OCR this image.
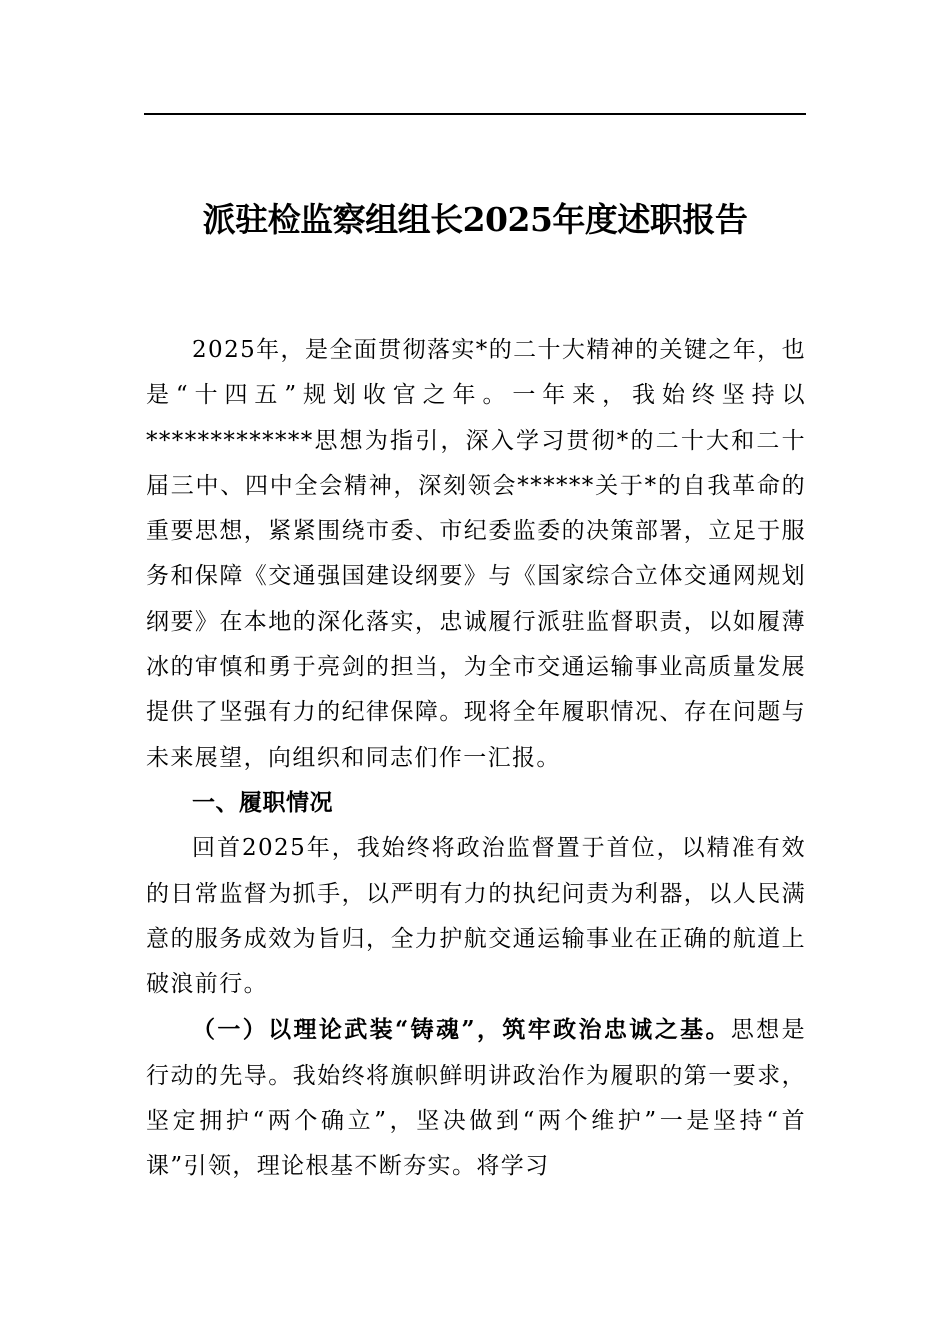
派驻检监察组组长2025年度述职报告

2025年，是全面贯彻落实*的二十大精神的关键之年，也是“十四五”规划收官之年。一年来，我始终坚持以*************思想为指引，深入学习贯彻*的二十大和二十届三中、四中全会精神，深刻领会******关于*的自我革命的重要思想，紧紧围绕市委、市纪委监委的决策部署，立足于服务和保障《交通强国建设纲要》与《国家综合立体交通网规划纲要》在本地的深化落实，忠诚履行派驻监督职责，以如履薄冰的审慎和勇于亮剑的担当，为全市交通运输事业高质量发展提供了坚强有力的纪律保障。现将全年履职情况、存在问题与未来展望，向组织和同志们作一汇报。

一、履职情况

回首2025年，我始终将政治监督置于首位，以精准有效的日常监督为抓手，以严明有力的执纪问责为利器，以人民满意的服务成效为旨归，全力护航交通运输事业在正确的航道上破浪前行。

（一）以理论武装“铸魂”，筑牢政治忠诚之基。思想是行动的先导。我始终将旗帜鲜明讲政治作为履职的第一要求，坚定拥护“两个确立”，坚决做到“两个维护”一是坚持“首课”引领，理论根基不断夯实。将学习
